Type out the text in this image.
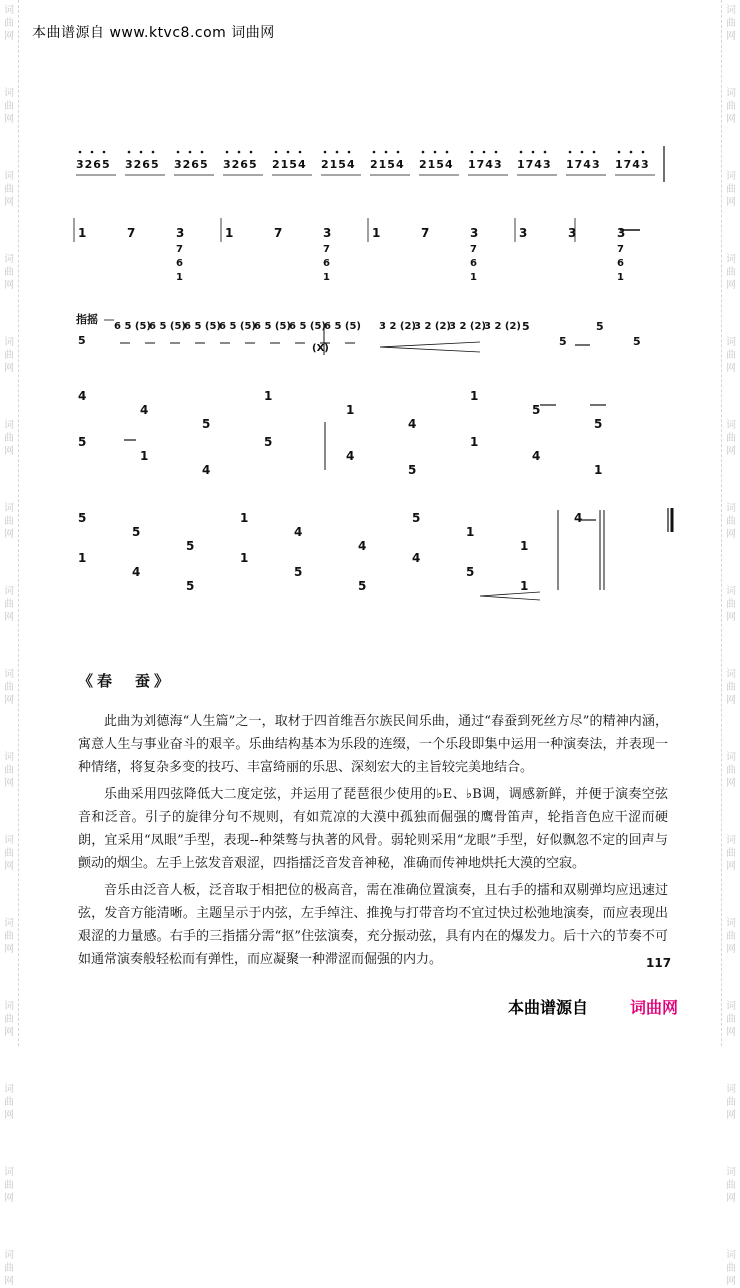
词
曲
网
词
曲
网
词
曲
网
词
曲
网
词
曲
网
词
曲
网
词
曲
网
词
曲
网
词
曲
网
词
曲
网
词
曲
网
词
曲
网
词
曲
网
词
曲
网
词
曲
网
词
曲
网
词
曲
网
词
曲
网
词
曲
网
词
曲
网
词
曲
网
词
曲
网
词
曲
网
词
曲
网
词
曲
网
词
曲
网
词
曲
网
词
曲
网
词
曲
网
词
曲
网
词
曲
网
词
曲
网
本曲谱源自 www.ktvc8.com 词曲网
3265 3265 3265 3265 2154 2154 2154 2154 1743 1743 1743 1743
1	7	3
7
6
1
1	7	3
7
6
1
1	7	3
7
6
1
3	3	3
7
6
1
指摇
6 5 (5)
6 5 (5)
6 5 (5)
6 5 (5)
6 5 (5)
6 5 (5)
6 5 (5) 3 2 (2)
3 2 (2)
3 2 (2)
3 2 (2)
5
(X)
5
5
5
5
4
4
5
1
1
4
1
5
5
5
1
4
5
4
5
1
4
1
5
5
5
1
4
4
5
1
1
4
1
4
5
1
5
5
4
5
1
《春　蚕》

此曲为刘德海“人生篇”之一，取材于四首维吾尔族民间乐曲，通过“春蚕到死丝方尽”的精神内涵，寓意人生与事业奋斗的艰辛。乐曲结构基本为乐段的连缀，一个乐段即集中运用一种演奏法，并表现一种情绪，将复杂多变的技巧、丰富绮丽的乐思、深刻宏大的主旨较完美地结合。

乐曲采用四弦降低大二度定弦，并运用了琵琶很少使用的♭E、♭B调，调感新鲜，并便于演奏空弦音和泛音。引子的旋律分句不规则，有如荒凉的大漠中孤独而倔强的鹰骨笛声，轮指音色应干涩而硬朗，宜采用“凤眼”手型，表现--种桀骜与执著的风骨。弱轮则采用“龙眼”手型，好似飘忽不定的回声与颤动的烟尘。左手上弦发音艰涩，四指擂泛音发音神秘，准确而传神地烘托大漠的空寂。

音乐由泛音人板，泛音取于相把位的极高音，需在准确位置演奏，且右手的擂和双剔弹均应迅速过弦，发音方能清晰。主题呈示于内弦，左手绰注、推挽与打带音均不宜过快过松弛地演奏，而应表现出艰涩的力量感。右手的三指擂分需“抠”住弦演奏，充分振动弦，具有内在的爆发力。后十六的节奏不可如通常演奏般轻松而有弹性，而应凝聚一种滞涩而倔强的内力。	117
本曲谱源自	词曲网
